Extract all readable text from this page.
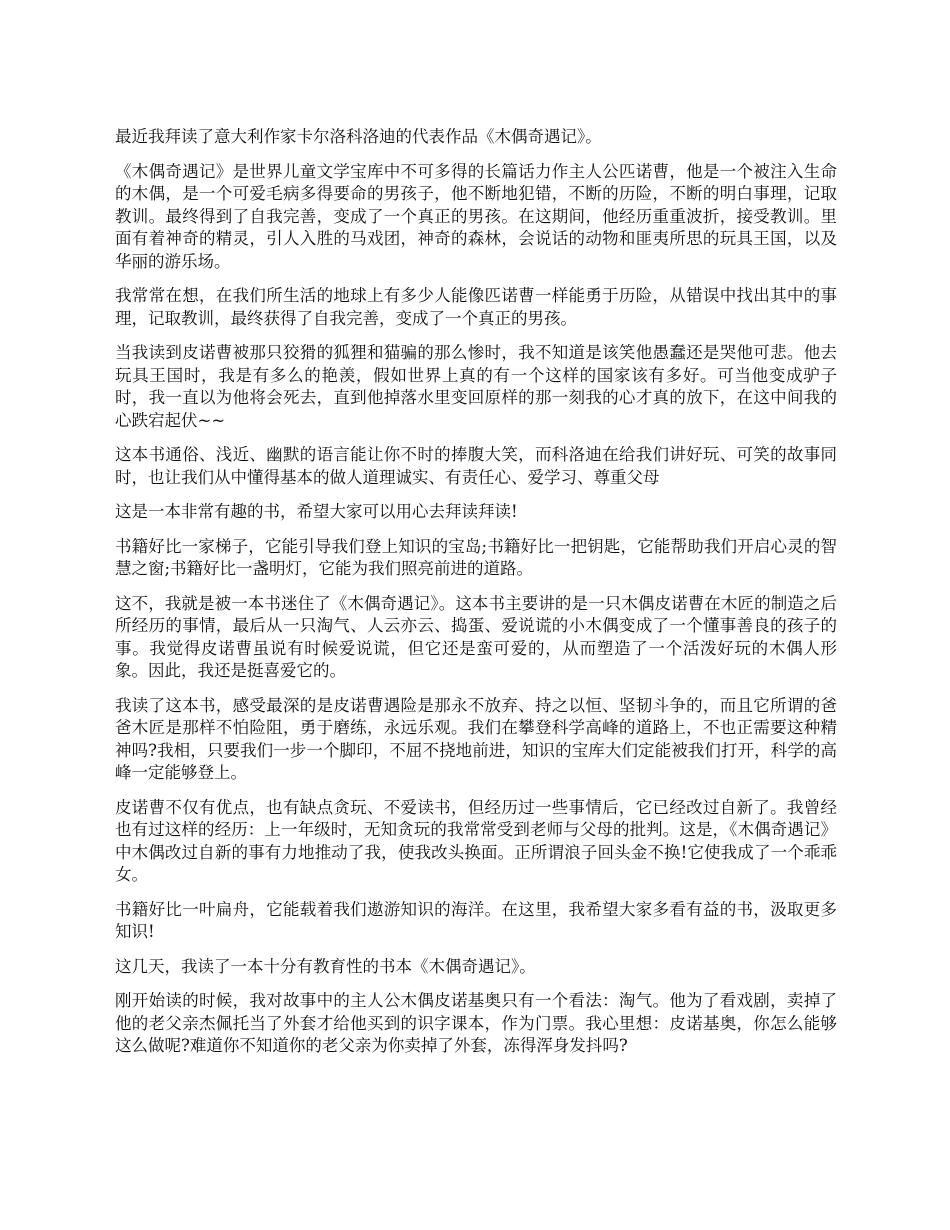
最近我拜读了意大利作家卡尔洛科洛迪的代表作品《木偶奇遇记》。

《木偶奇遇记》是世界儿童文学宝库中不可多得的长篇话力作主人公匹诺曹，他是一个被注入生命的木偶，是一个可爱毛病多得要命的男孩子，他不断地犯错，不断的历险，不断的明白事理，记取教训。最终得到了自我完善，变成了一个真正的男孩。在这期间，他经历重重波折，接受教训。里面有着神奇的精灵，引人入胜的马戏团，神奇的森林，会说话的动物和匪夷所思的玩具王国，以及华丽的游乐场。

我常常在想，在我们所生活的地球上有多少人能像匹诺曹一样能勇于历险，从错误中找出其中的事理，记取教训，最终获得了自我完善，变成了一个真正的男孩。

当我读到皮诺曹被那只狡猾的狐狸和猫骗的那么惨时，我不知道是该笑他愚蠢还是哭他可悲。他去玩具王国时，我是有多么的艳羡，假如世界上真的有一个这样的国家该有多好。可当他变成驴子时，我一直以为他将会死去，直到他掉落水里变回原样的那一刻我的心才真的放下，在这中间我的心跌宕起伏~~

这本书通俗、浅近、幽默的语言能让你不时的捧腹大笑，而科洛迪在给我们讲好玩、可笑的故事同时，也让我们从中懂得基本的做人道理诚实、有责任心、爱学习、尊重父母

这是一本非常有趣的书，希望大家可以用心去拜读拜读!

书籍好比一家梯子，它能引导我们登上知识的宝岛;书籍好比一把钥匙，它能帮助我们开启心灵的智慧之窗;书籍好比一盏明灯，它能为我们照亮前进的道路。

这不，我就是被一本书迷住了《木偶奇遇记》。这本书主要讲的是一只木偶皮诺曹在木匠的制造之后所经历的事情，最后从一只淘气、人云亦云、捣蛋、爱说谎的小木偶变成了一个懂事善良的孩子的事。我觉得皮诺曹虽说有时候爱说谎，但它还是蛮可爱的，从而塑造了一个活泼好玩的木偶人形象。因此，我还是挺喜爱它的。

我读了这本书，感受最深的是皮诺曹遇险是那永不放弃、持之以恒、坚韧斗争的，而且它所谓的爸爸木匠是那样不怕险阻，勇于磨练，永远乐观。我们在攀登科学高峰的道路上，不也正需要这种精神吗?我相，只要我们一步一个脚印，不屈不挠地前进，知识的宝库大们定能被我们打开，科学的高峰一定能够登上。

皮诺曹不仅有优点，也有缺点贪玩、不爱读书，但经历过一些事情后，它已经改过自新了。我曾经也有过这样的经历：上一年级时，无知贪玩的我常常受到老师与父母的批判。这是，《木偶奇遇记》中木偶改过自新的事有力地推动了我，使我改头换面。正所谓浪子回头金不换!它使我成了一个乖乖女。

书籍好比一叶扁舟，它能载着我们遨游知识的海洋。在这里，我希望大家多看有益的书，汲取更多知识!

这几天，我读了一本十分有教育性的书本《木偶奇遇记》。

刚开始读的时候，我对故事中的主人公木偶皮诺基奥只有一个看法：淘气。他为了看戏剧，卖掉了他的老父亲杰佩托当了外套才给他买到的识字课本，作为门票。我心里想：皮诺基奥，你怎么能够这么做呢?难道你不知道你的老父亲为你卖掉了外套，冻得浑身发抖吗?
